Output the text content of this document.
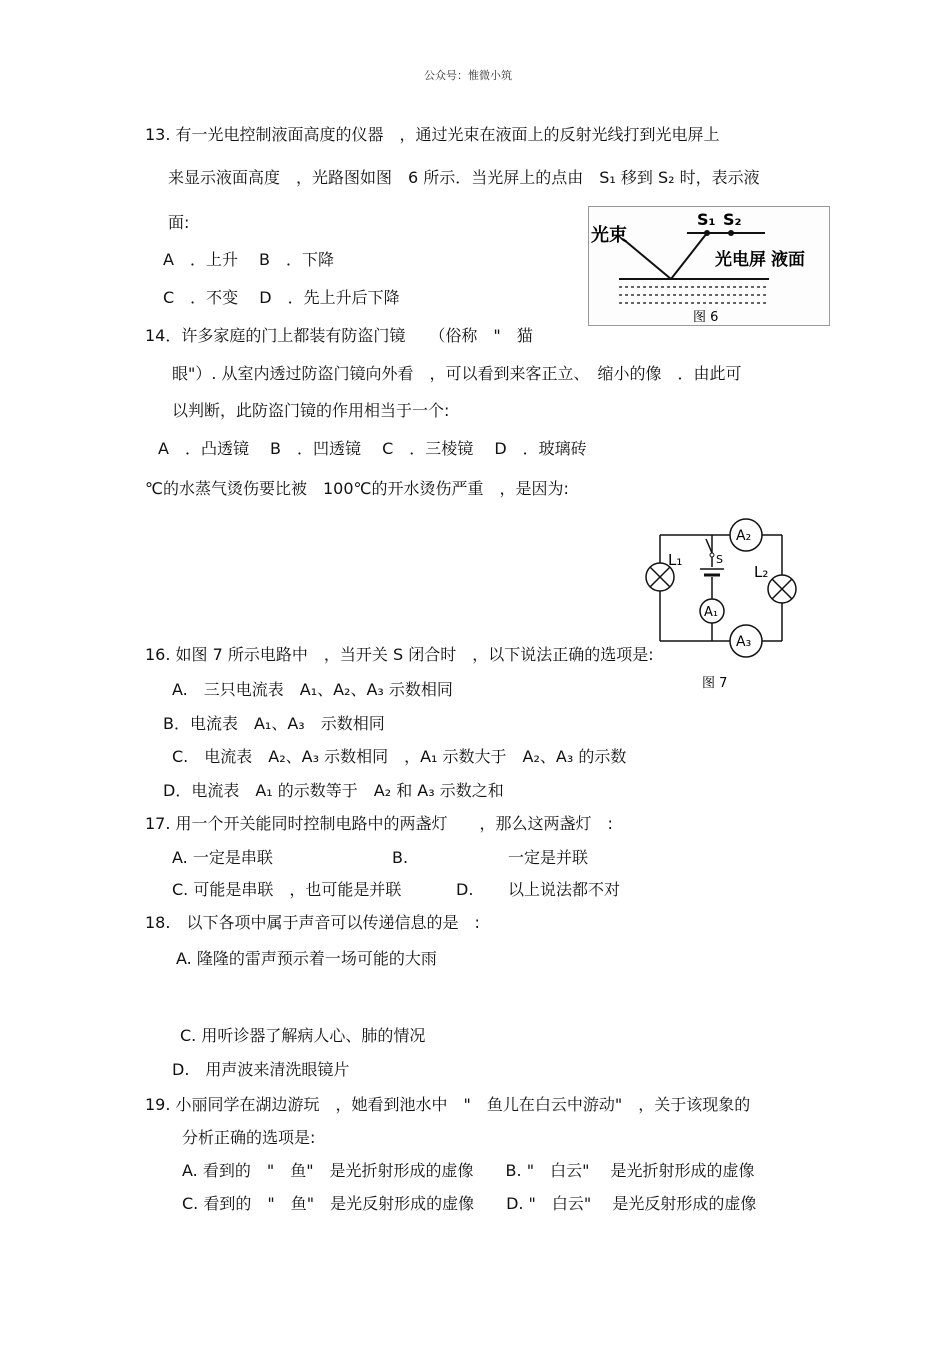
公众号：惟微小筑
13. 有一光电控制液面高度的仪器　，通过光束在液面上的反射光线打到光电屏上
来显示液面高度　，光路图如图　6 所示．当光屏上的点由　S₁ 移到 S₂ 时，表示液
面:
A　．上升　 B　．下降
C　．不变　 D　．先上升后下降
光束
S₁ S₂
光电屏 液面
图 6
14．许多家庭的门上都装有防盗门镜　　（俗称　"　猫
眼"）. 从室内透过防盗门镜向外看　，可以看到来客正立、　缩小的像　．由此可
以判断，此防盗门镜的作用相当于一个:
A　．凸透镜　 B　．凹透镜　 C　．三棱镜　 D　．玻璃砖
℃的水蒸气烫伤要比被　100℃的开水烫伤严重　，是因为:
L₁
L₂
S
A₂
A₁
A₃
图 7
16. 如图 7 所示电路中　，当开关 S 闭合时　，以下说法正确的选项是:
A.　三只电流表　A₁、A₂、A₃ 示数相同
B．电流表　A₁、A₃　示数相同
C.　电流表　A₂、A₃ 示数相同　，A₁ 示数大于　A₂、A₃ 的示数
D．电流表　A₁ 的示数等于　A₂ 和 A₃ 示数之和
17. 用一个开关能同时控制电路中的两盏灯　　，那么这两盏灯　:
A. 一定是串联	B.	一定是并联
C. 可能是串联　，也可能是并联	D. 以上说法都不对
18.　以下各项中属于声音可以传递信息的是　:
A. 隆隆的雷声预示着一场可能的大雨
C. 用听诊器了解病人心、肺的情况
D.　用声波来清洗眼镜片
19. 小丽同学在湖边游玩　，她看到池水中　"　鱼儿在白云中游动"　，关于该现象的
分析正确的选项是:
A. 看到的　"　鱼"　是光折射形成的虚像　　B. "　白云"　 是光折射形成的虚像
C. 看到的　"　鱼"　是光反射形成的虚像　　D. "　白云"　 是光反射形成的虚像
